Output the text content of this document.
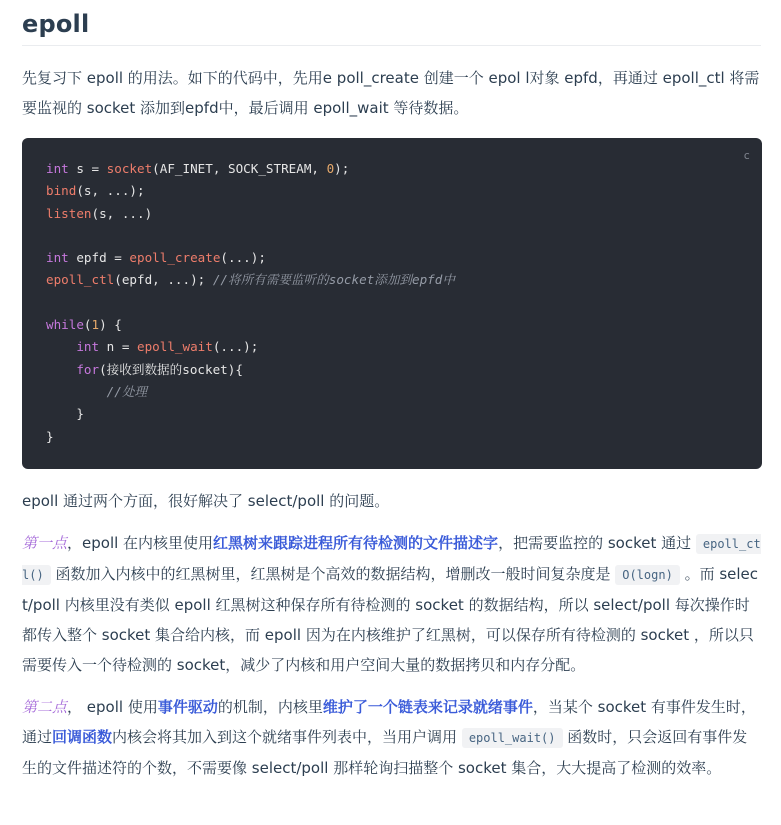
epoll

先复习下 epoll 的用法。如下的代码中，先用e poll_create 创建一个 epol l对象 epfd，再通过 epoll_ctl 将需要监视的 socket 添加到epfd中，最后调用 epoll_wait 等待数据。

c
int s = socket(AF_INET, SOCK_STREAM, 0);
bind(s, ...);
listen(s, ...)
int epfd = epoll_create(...);
epoll_ctl(epfd, ...); //将所有需要监听的socket添加到epfd中
while(1) {
int n = epoll_wait(...);
for(接收到数据的socket){
//处理
}
}

epoll 通过两个方面，很好解决了 select/poll 的问题。

第一点，epoll 在内核里使用红黑树来跟踪进程所有待检测的文件描述字，把需要监控的 socket 通过 epoll_ctl() 函数加入内核中的红黑树里，红黑树是个高效的数据结构，增删改一般时间复杂度是 O(logn) 。而 select/poll 内核里没有类似 epoll 红黑树这种保存所有待检测的 socket 的数据结构，所以 select/poll 每次操作时都传入整个 socket 集合给内核，而 epoll 因为在内核维护了红黑树，可以保存所有待检测的 socket ，所以只需要传入一个待检测的 socket，减少了内核和用户空间大量的数据拷贝和内存分配。

第二点， epoll 使用事件驱动的机制，内核里维护了一个链表来记录就绪事件，当某个 socket 有事件发生时，通过回调函数内核会将其加入到这个就绪事件列表中，当用户调用 epoll_wait() 函数时，只会返回有事件发生的文件描述符的个数，不需要像 select/poll 那样轮询扫描整个 socket 集合，大大提高了检测的效率。
